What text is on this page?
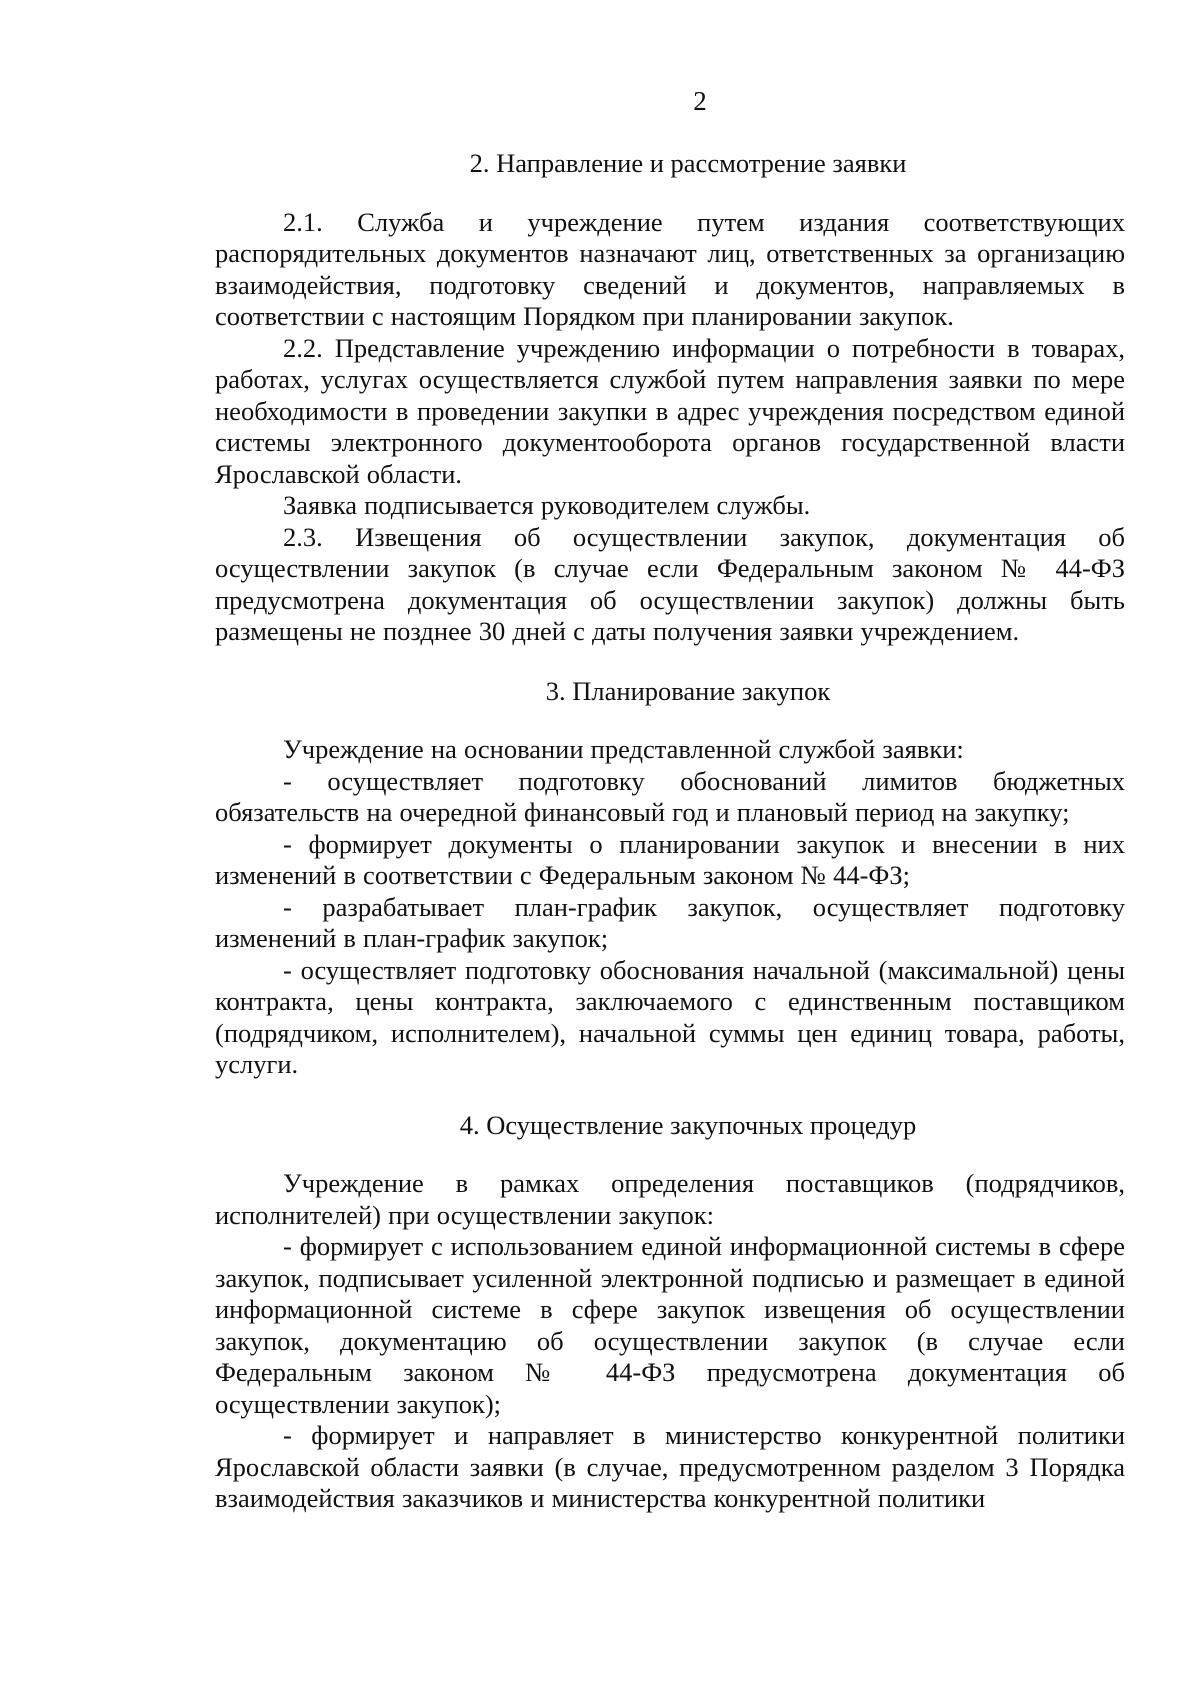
2

2. Направление и рассмотрение заявки

2.1. Служба и учреждение путем издания соответствующих распорядительных документов назначают лиц, ответственных за организацию взаимодействия, подготовку сведений и документов, направляемых в соответствии с настоящим Порядком при планировании закупок.

2.2. Представление учреждению информации о потребности в товарах, работах, услугах осуществляется службой путем направления заявки по мере необходимости в проведении закупки в адрес учреждения посредством единой системы электронного документооборота органов государственной власти Ярославской области.

Заявка подписывается руководителем службы.

2.3. Извещения об осуществлении закупок, документация об осуществлении закупок (в случае если Федеральным законом № 44-ФЗ предусмотрена документация об осуществлении закупок) должны быть размещены не позднее 30 дней с даты получения заявки учреждением.

3. Планирование закупок

Учреждение на основании представленной службой заявки:

- осуществляет подготовку обоснований лимитов бюджетных обязательств на очередной финансовый год и плановый период на закупку;

- формирует документы о планировании закупок и внесении в них изменений в соответствии с Федеральным законом № 44-ФЗ;

- разрабатывает план-график закупок, осуществляет подготовку изменений в план-график закупок;

- осуществляет подготовку обоснования начальной (максимальной) цены контракта, цены контракта, заключаемого с единственным поставщиком (подрядчиком, исполнителем), начальной суммы цен единиц товара, работы, услуги.

4. Осуществление закупочных процедур

Учреждение в рамках определения поставщиков (подрядчиков, исполнителей) при осуществлении закупок:

- формирует с использованием единой информационной системы в сфере закупок, подписывает усиленной электронной подписью и размещает в единой информационной системе в сфере закупок извещения об осуществлении закупок, документацию об осуществлении закупок (в случае если Федеральным законом № 44-ФЗ предусмотрена документация об осуществлении закупок);

- формирует и направляет в министерство конкурентной политики Ярославской области заявки (в случае, предусмотренном разделом 3 Порядка взаимодействия заказчиков и министерства конкурентной политики
